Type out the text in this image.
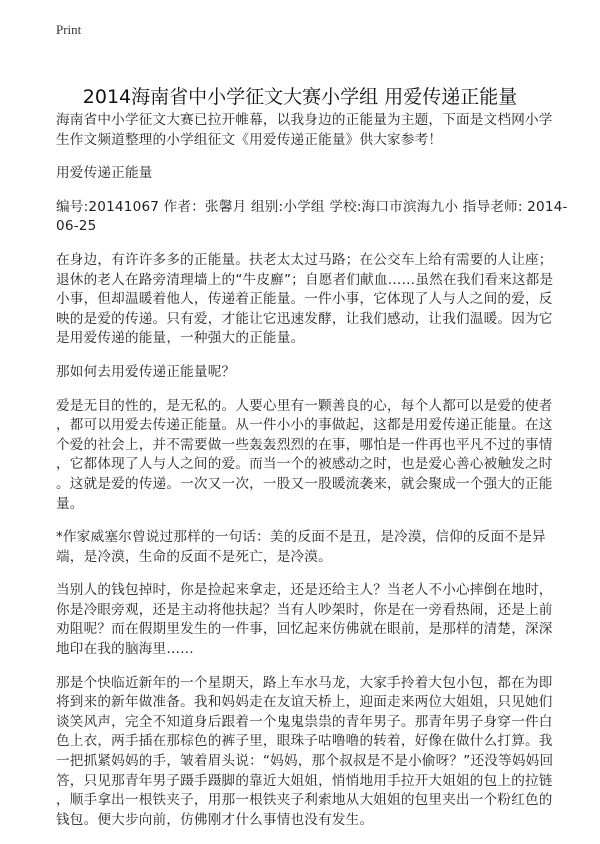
Print
2014海南省中小学征文大赛小学组 用爱传递正能量
海南省中小学征文大赛已拉开帷幕，以我身边的正能量为主题，下面是文档网小学
生作文频道整理的小学组征文《用爱传递正能量》供大家参考！
用爱传递正能量
编号:20141067 作者：张馨月 组别:小学组 学校:海口市滨海九小 指导老师: 2014-
06-25
在身边，有许许多多的正能量。扶老太太过马路；在公交车上给有需要的人让座；
退休的老人在路旁清理墙上的“牛皮廯”；自愿者们献血……虽然在我们看来这都是
小事，但却温暖着他人，传递着正能量。一件小事，它体现了人与人之间的爱，反
映的是爱的传递。只有爱，才能让它迅速发酵，让我们感动，让我们温暖。因为它
是用爱传递的能量，一种强大的正能量。
那如何去用爱传递正能量呢？
爱是无目的性的，是无私的。人要心里有一颗善良的心，每个人都可以是爱的使者
，都可以用爱去传递正能量。从一件小小的事做起，这都是用爱传递正能量。在这
个爱的社会上，并不需要做一些轰轰烈烈的在事，哪怕是一件再也平凡不过的事情
，它都体现了人与人之间的爱。而当一个的被感动之时，也是爱心善心被触发之时
。这就是爱的传递。一次又一次，一股又一股暖流袭来，就会聚成一个强大的正能
量。
*作家威塞尔曾说过那样的一句话：美的反面不是丑，是冷漠，信仰的反面不是异
端，是冷漠，生命的反面不是死亡，是冷漠。
当别人的钱包掉时，你是捡起来拿走，还是还给主人？当老人不小心摔倒在地时，
你是冷眼旁观，还是主动将他扶起？当有人吵架时，你是在一旁看热闹，还是上前
劝阻呢？而在假期里发生的一件事，回忆起来仿佛就在眼前，是那样的清楚，深深
地印在我的脑海里……
那是个快临近新年的一个星期天，路上车水马龙，大家手拎着大包小包，都在为即
将到来的新年做准备。我和妈妈走在友谊天桥上，迎面走来两位大姐姐，只见她们
谈笑风声，完全不知道身后跟着一个鬼鬼祟祟的青年男子。那青年男子身穿一件白
色上衣，两手插在那棕色的裤子里，眼珠子咕噜噜的转着，好像在做什么打算。我
一把抓紧妈妈的手，皱着眉头说：“妈妈，那个叔叔是不是小偷呀？”还没等妈妈回
答，只见那青年男子蹑手蹑脚的靠近大姐姐，悄悄地用手拉开大姐姐的包上的拉链
，顺手拿出一根铁夹子，用那一根铁夹子利索地从大姐姐的包里夹出一个粉红色的
钱包。便大步向前，仿佛刚才什么事情也没有发生。
